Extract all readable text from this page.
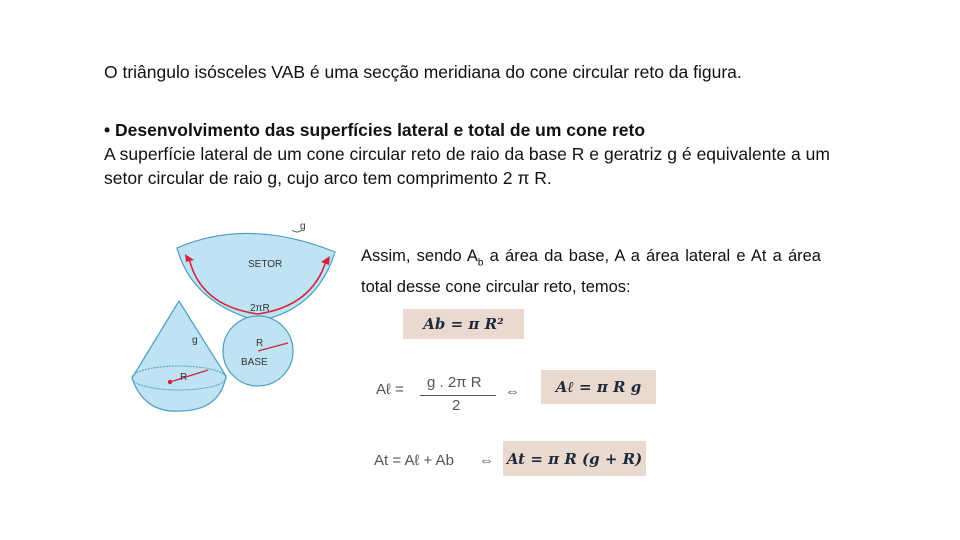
O triângulo isósceles VAB é uma secção meridiana do cone circular reto da figura.
• Desenvolvimento das superfícies lateral e total de um cone reto
A superfície lateral de um cone circular reto de raio da base R e geratriz g é equivalente a um setor circular de raio g, cujo arco tem comprimento 2 π R.
g
SETOR
2πR
R
BASE
g
R
Assim, sendo $A_b$ a área da base, A a área lateral e At a área total desse cone circular reto, temos:
Ab = π R²
Aℓ = g . 2π R
2
⇔	Aℓ = π R g
At = Aℓ + Ab ⇔ At = π R (g + R)
